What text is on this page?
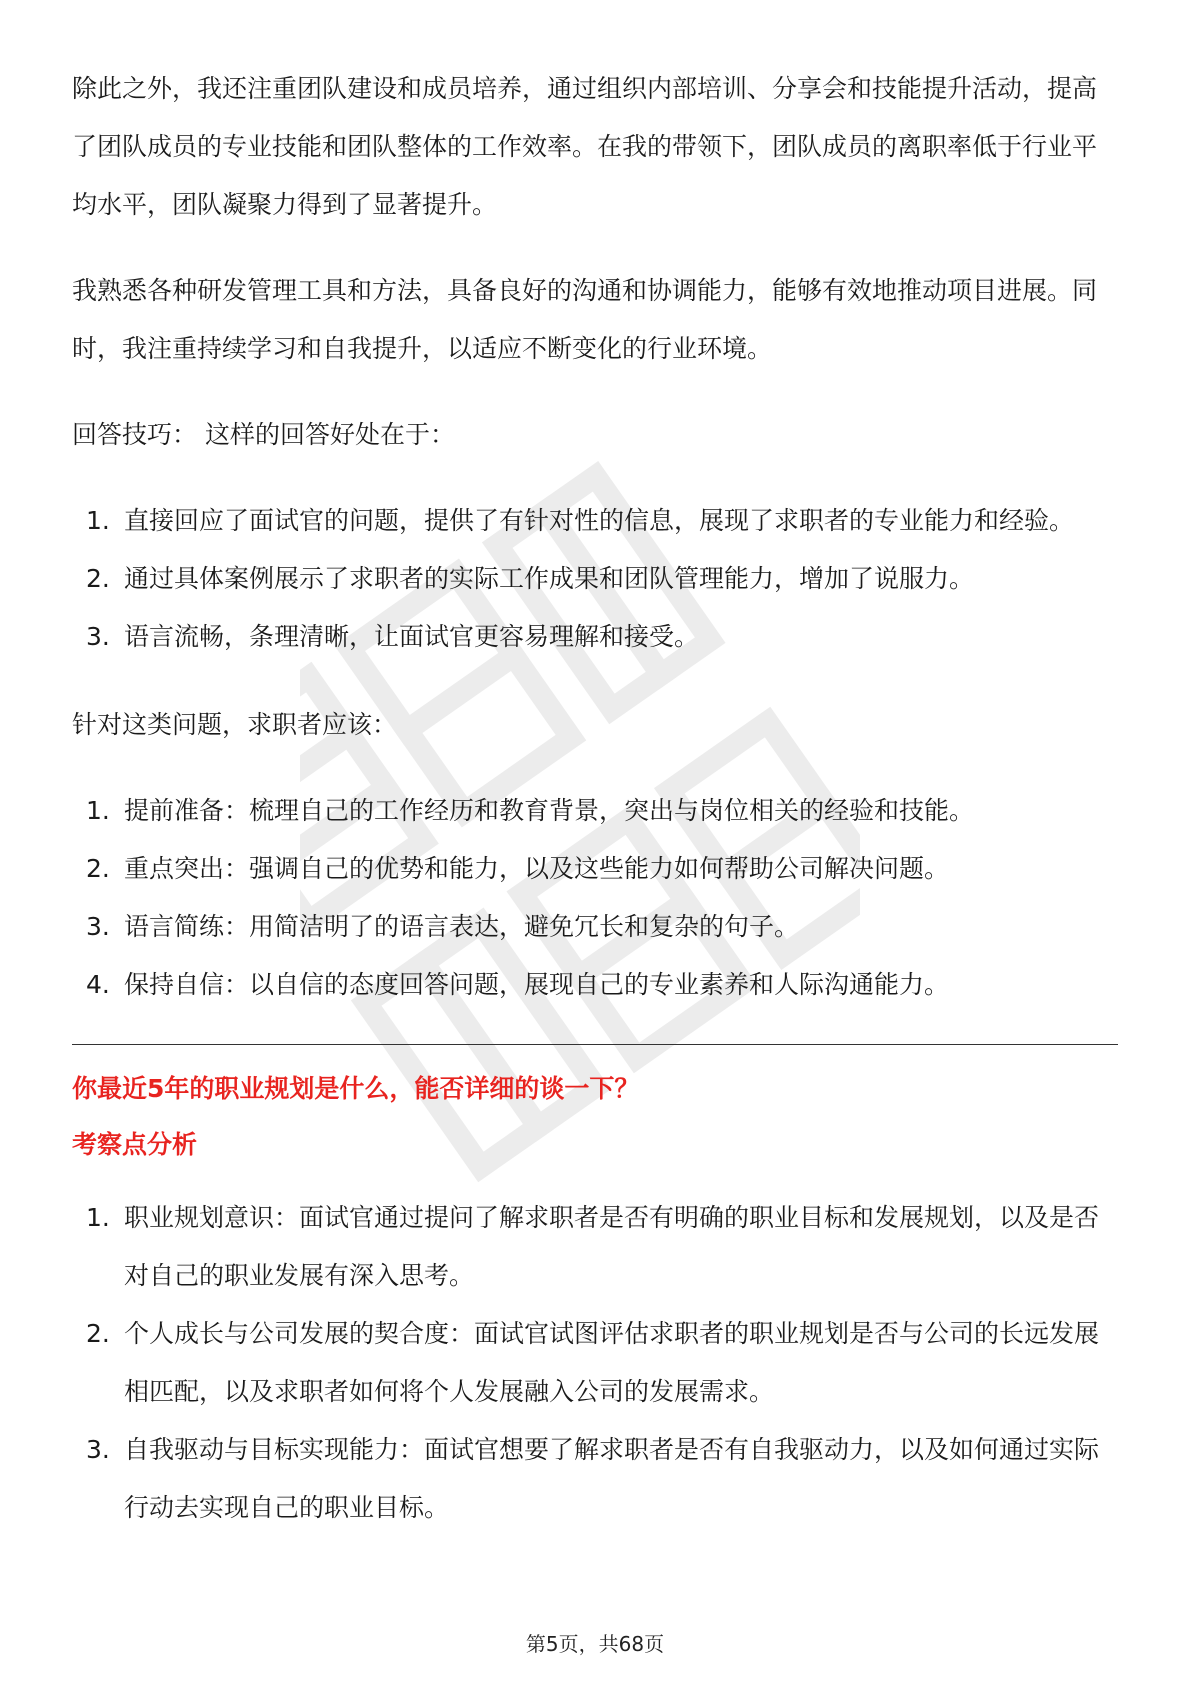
除此之外，我还注重团队建设和成员培养，通过组织内部培训、分享会和技能提升活动，提高了团队成员的专业技能和团队整体的工作效率。在我的带领下，团队成员的离职率低于行业平均水平，团队凝聚力得到了显著提升。

我熟悉各种研发管理工具和方法，具备良好的沟通和协调能力，能够有效地推动项目进展。同时，我注重持续学习和自我提升，以适应不断变化的行业环境。

回答技巧： 这样的回答好处在于：

1. 直接回应了面试官的问题，提供了有针对性的信息，展现了求职者的专业能力和经验。
2. 通过具体案例展示了求职者的实际工作成果和团队管理能力，增加了说服力。
3. 语言流畅，条理清晰，让面试官更容易理解和接受。

针对这类问题，求职者应该：

1. 提前准备：梳理自己的工作经历和教育背景，突出与岗位相关的经验和技能。
2. 重点突出：强调自己的优势和能力，以及这些能力如何帮助公司解决问题。
3. 语言简练：用简洁明了的语言表达，避免冗长和复杂的句子。
4. 保持自信：以自信的态度回答问题，展现自己的专业素养和人际沟通能力。

你最近5年的职业规划是什么，能否详细的谈一下？

考察点分析

1. 职业规划意识：面试官通过提问了解求职者是否有明确的职业目标和发展规划，以及是否对自己的职业发展有深入思考。
2. 个人成长与公司发展的契合度：面试官试图评估求职者的职业规划是否与公司的长远发展相匹配，以及求职者如何将个人发展融入公司的发展需求。
3. 自我驱动与目标实现能力：面试官想要了解求职者是否有自我驱动力，以及如何通过实际行动去实现自己的职业目标。
第5页，共68页
